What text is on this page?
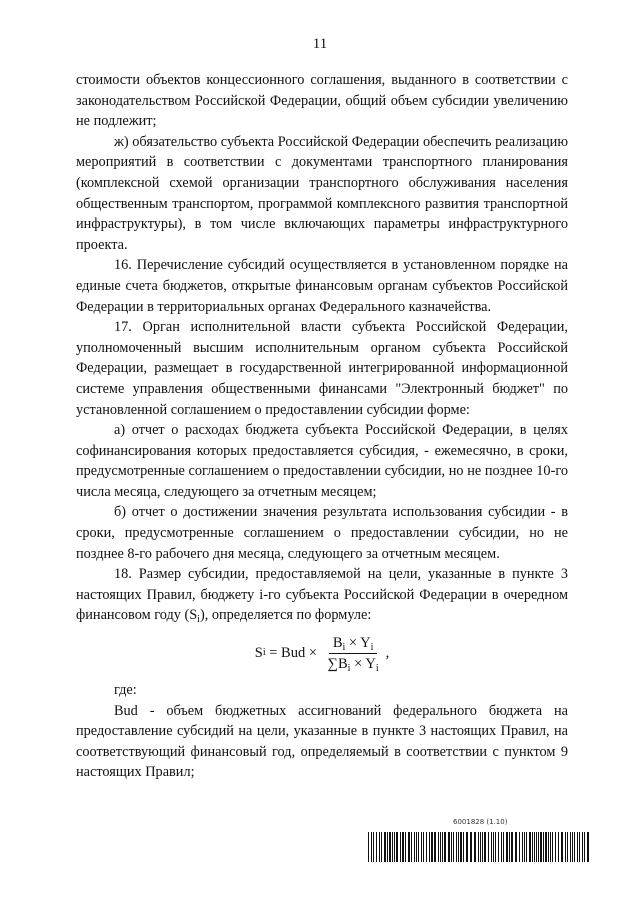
11

стоимости объектов концессионного соглашения, выданного в соответствии с законодательством Российской Федерации, общий объем субсидии увеличению не подлежит;

ж) обязательство субъекта Российской Федерации обеспечить реализацию мероприятий в соответствии с документами транспортного планирования (комплексной схемой организации транспортного обслуживания населения общественным транспортом, программой комплексного развития транспортной инфраструктуры), в том числе включающих параметры инфраструктурного проекта.

16. Перечисление субсидий осуществляется в установленном порядке на единые счета бюджетов, открытые финансовым органам субъектов Российской Федерации в территориальных органах Федерального казначейства.

17. Орган исполнительной власти субъекта Российской Федерации, уполномоченный высшим исполнительным органом субъекта Российской Федерации, размещает в государственной интегрированной информационной системе управления общественными финансами "Электронный бюджет" по установленной соглашением о предоставлении субсидии форме:

а) отчет о расходах бюджета субъекта Российской Федерации, в целях софинансирования которых предоставляется субсидия, - ежемесячно, в сроки, предусмотренные соглашением о предоставлении субсидии, но не позднее 10-го числа месяца, следующего за отчетным месяцем;

б) отчет о достижении значения результата использования субсидии - в сроки, предусмотренные соглашением о предоставлении субсидии, но не позднее 8-го рабочего дня месяца, следующего за отчетным месяцем.

18. Размер субсидии, предоставляемой на цели, указанные в пункте 3 настоящих Правил, бюджету i-го субъекта Российской Федерации в очередном финансовом году $(S_i)$, определяется по формуле:

S i = Bud × $\frac{B_i \times Y_i}{\sum B_i \times Y_i}$ ,

где:

Bud - объем бюджетных ассигнований федерального бюджета на предоставление субсидий на цели, указанные в пункте 3 настоящих Правил, на соответствующий финансовый год, определяемый в соответствии с пунктом 9 настоящих Правил;

6001828 (1.10)
